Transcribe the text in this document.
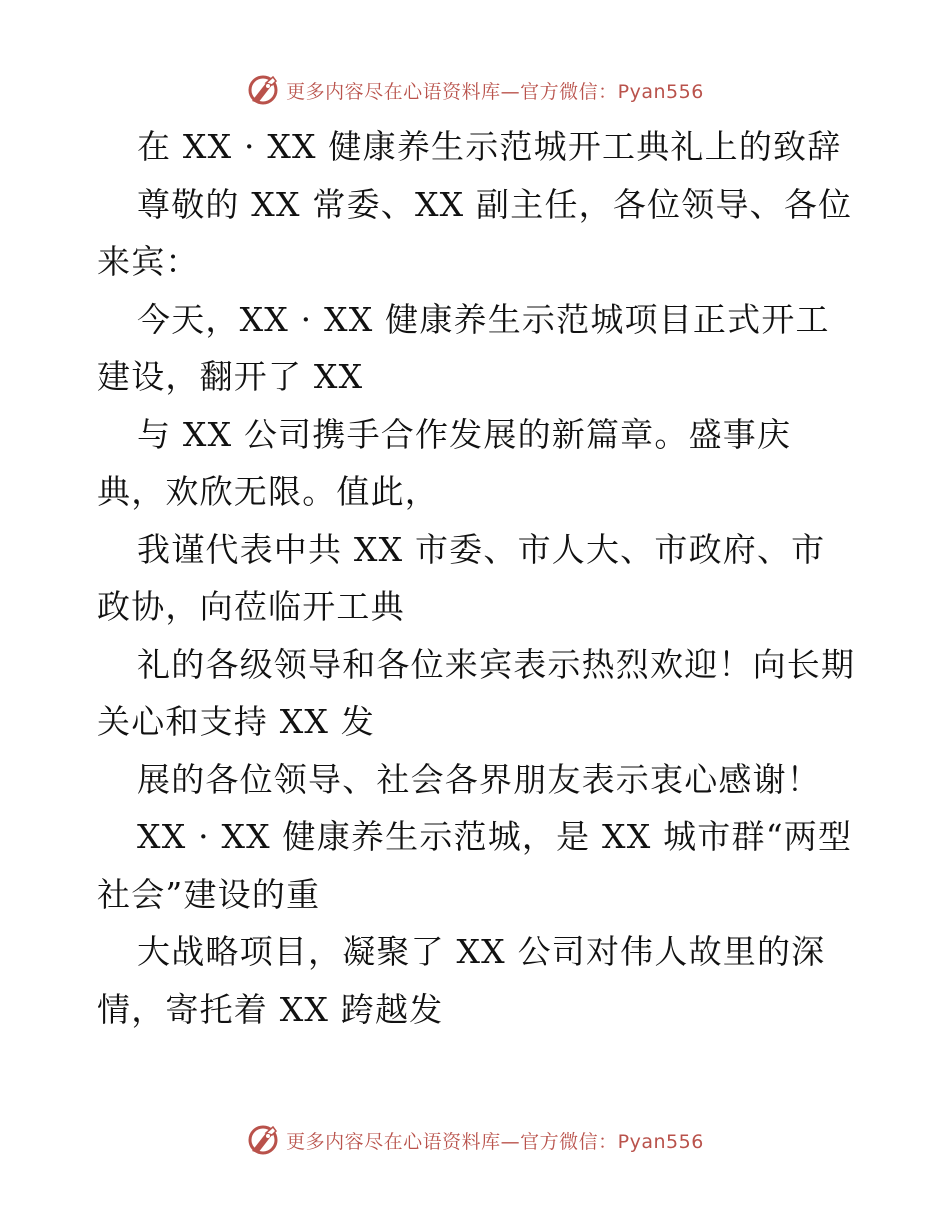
更多内容尽在心语资料库—官方微信：Pyan556

在 XX · XX 健康养生示范城开工典礼上的致辞

尊敬的 XX 常委、XX 副主任，各位领导、各位来宾：

今天，XX · XX 健康养生示范城项目正式开工建设，翻开了 XX

与 XX 公司携手合作发展的新篇章。盛事庆典，欢欣无限。值此，

我谨代表中共 XX 市委、市人大、市政府、市政协，向莅临开工典

礼的各级领导和各位来宾表示热烈欢迎！向长期关心和支持 XX 发

展的各位领导、社会各界朋友表示衷心感谢！

XX · XX 健康养生示范城，是 XX 城市群“两型社会”建设的重

大战略项目，凝聚了 XX 公司对伟人故里的深情，寄托着 XX 跨越发

更多内容尽在心语资料库—官方微信：Pyan556
